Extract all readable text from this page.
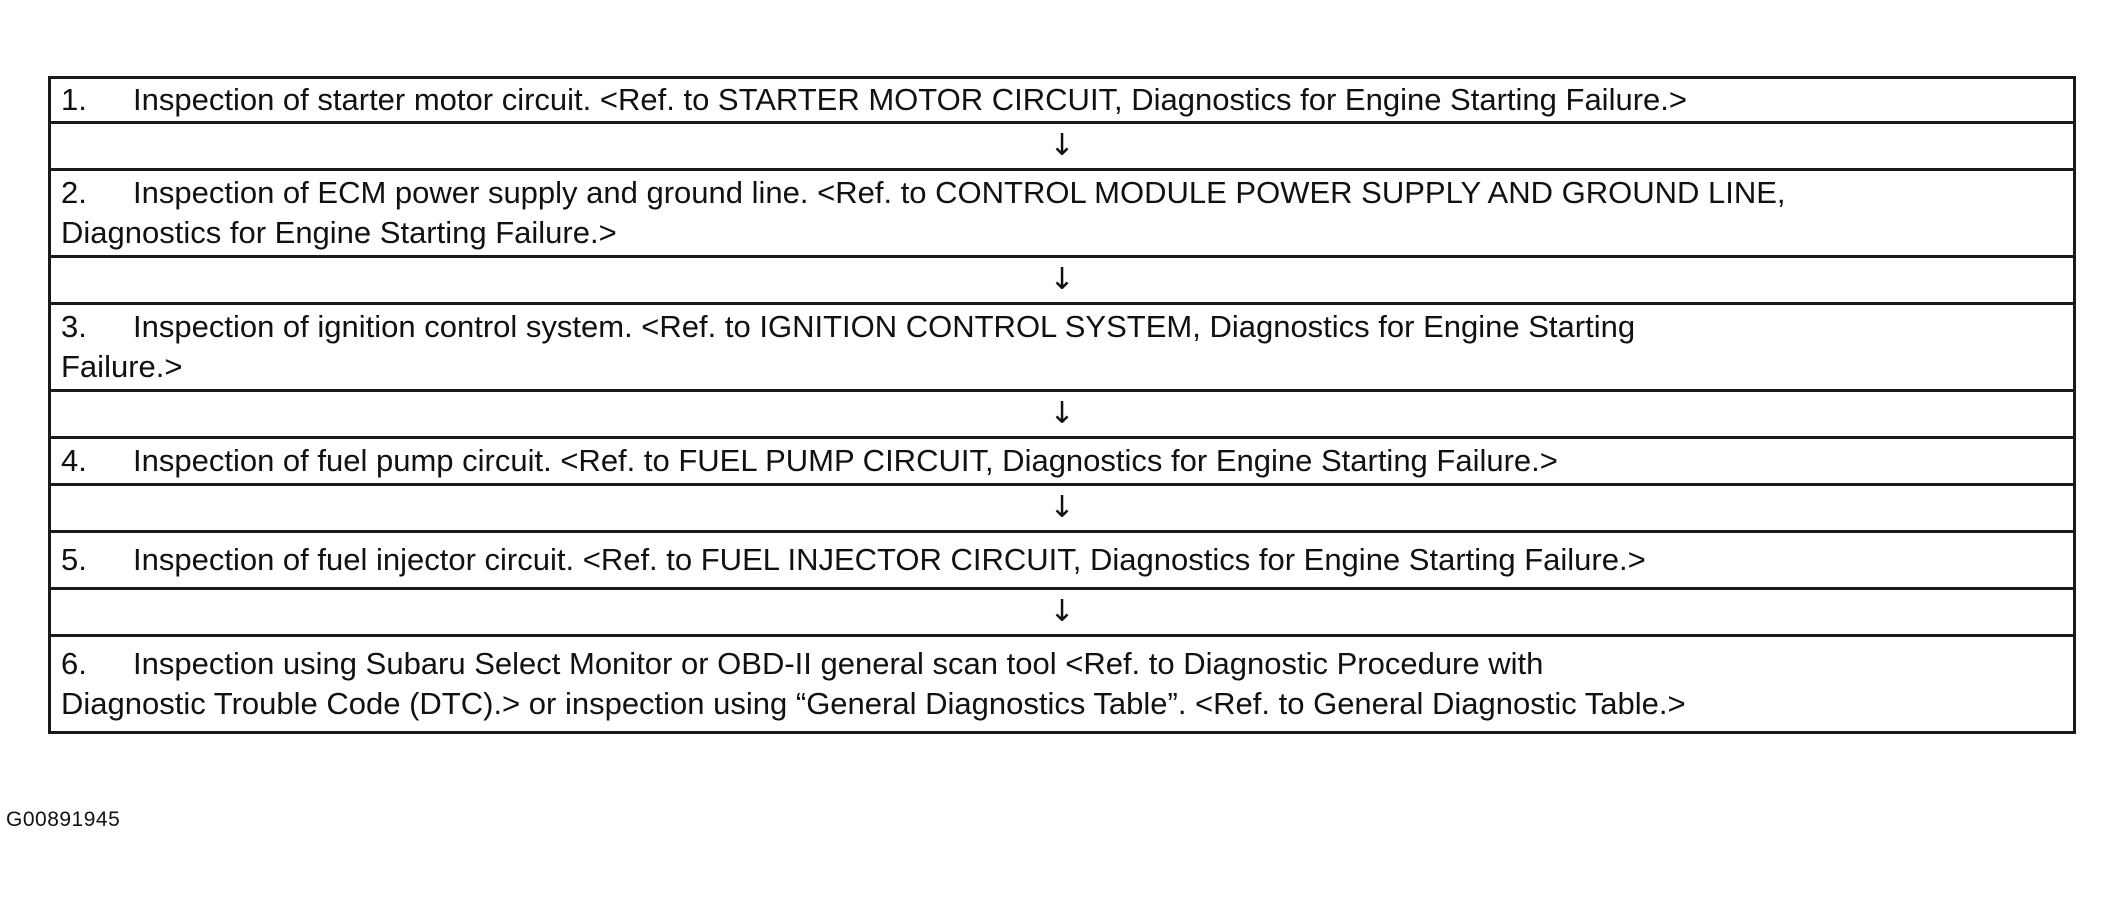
1. Inspection of starter motor circuit. <Ref. to STARTER MOTOR CIRCUIT, Diagnostics for Engine Starting Failure.>
↓
2. Inspection of ECM power supply and ground line. <Ref. to CONTROL MODULE POWER SUPPLY AND GROUND LINE,
Diagnostics for Engine Starting Failure.>
↓
3. Inspection of ignition control system. <Ref. to IGNITION CONTROL SYSTEM, Diagnostics for Engine Starting
Failure.>
↓
4. Inspection of fuel pump circuit. <Ref. to FUEL PUMP CIRCUIT, Diagnostics for Engine Starting Failure.>
↓
5. Inspection of fuel injector circuit. <Ref. to FUEL INJECTOR CIRCUIT, Diagnostics for Engine Starting Failure.>
↓
6. Inspection using Subaru Select Monitor or OBD-II general scan tool <Ref. to Diagnostic Procedure with
Diagnostic Trouble Code (DTC).> or inspection using “General Diagnostics Table”. <Ref. to General Diagnostic Table.>
G00891945
